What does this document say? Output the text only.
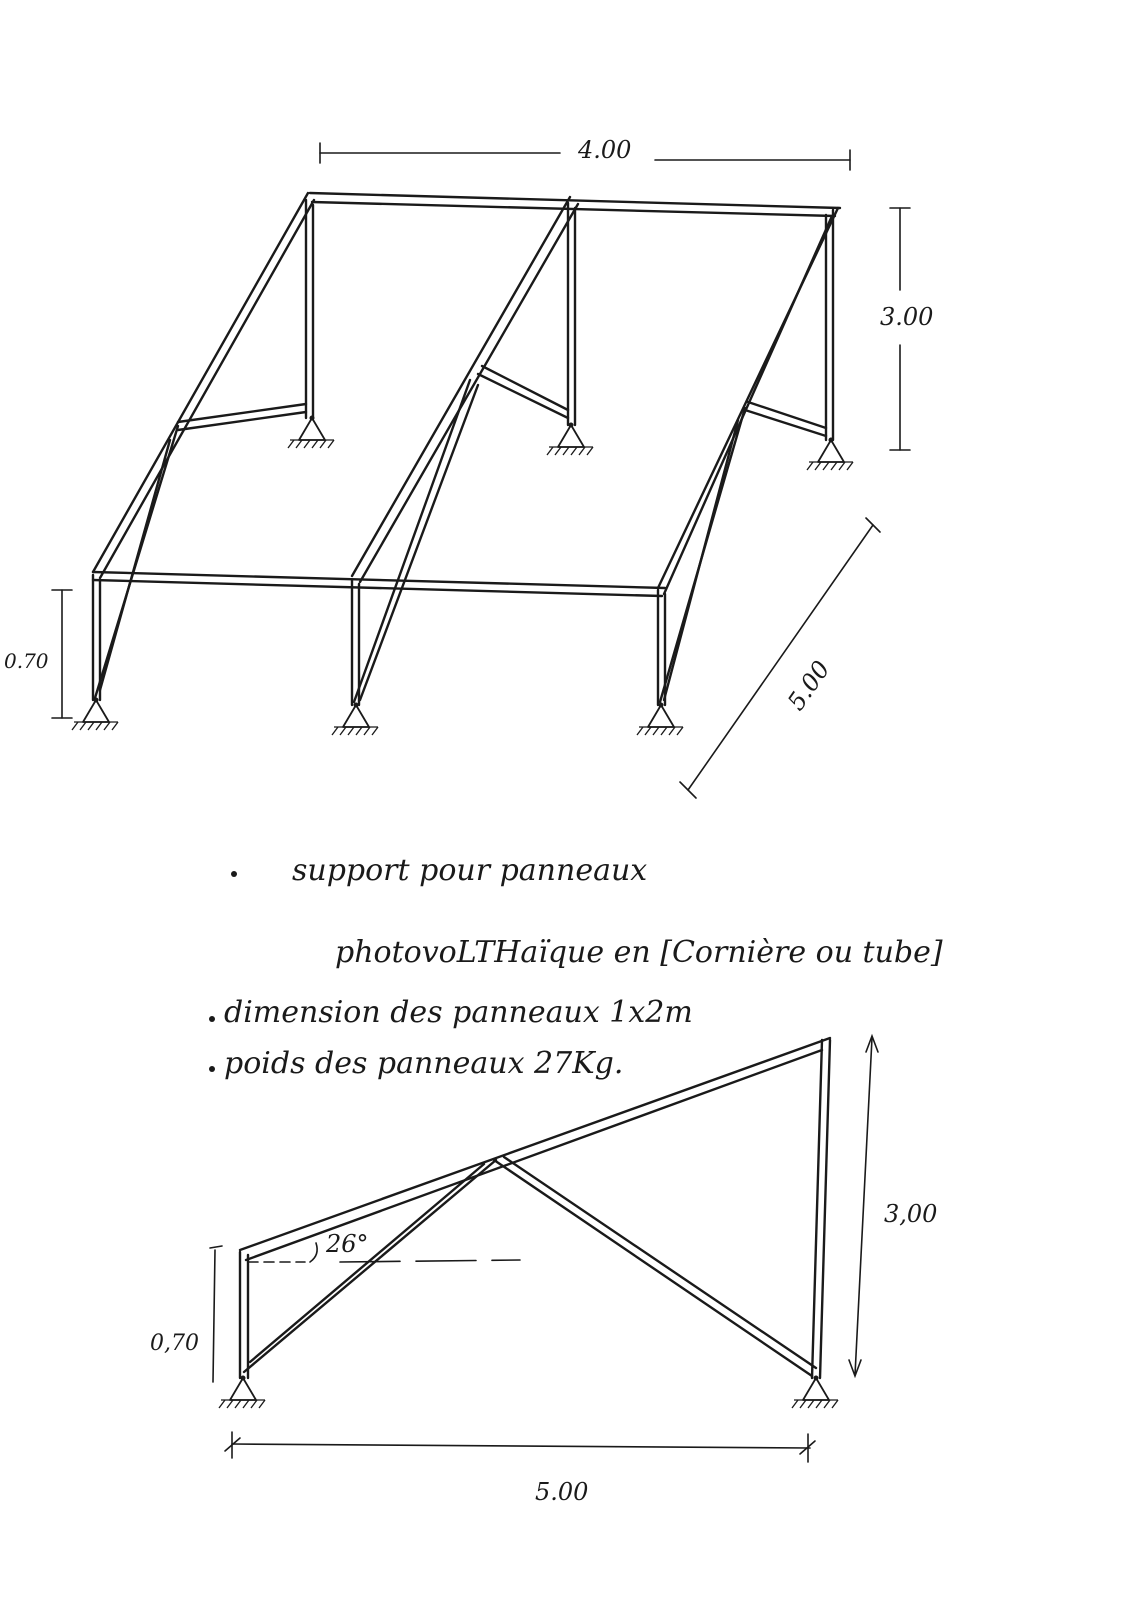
4.00
3.00
0.70	5.00
support pour panneaux
photovoLTHaïque en [Cornière ou tube]
dimension des panneaux 1x2m
poids des panneaux 27Kg.
26°
3,00
0,70
5.00
